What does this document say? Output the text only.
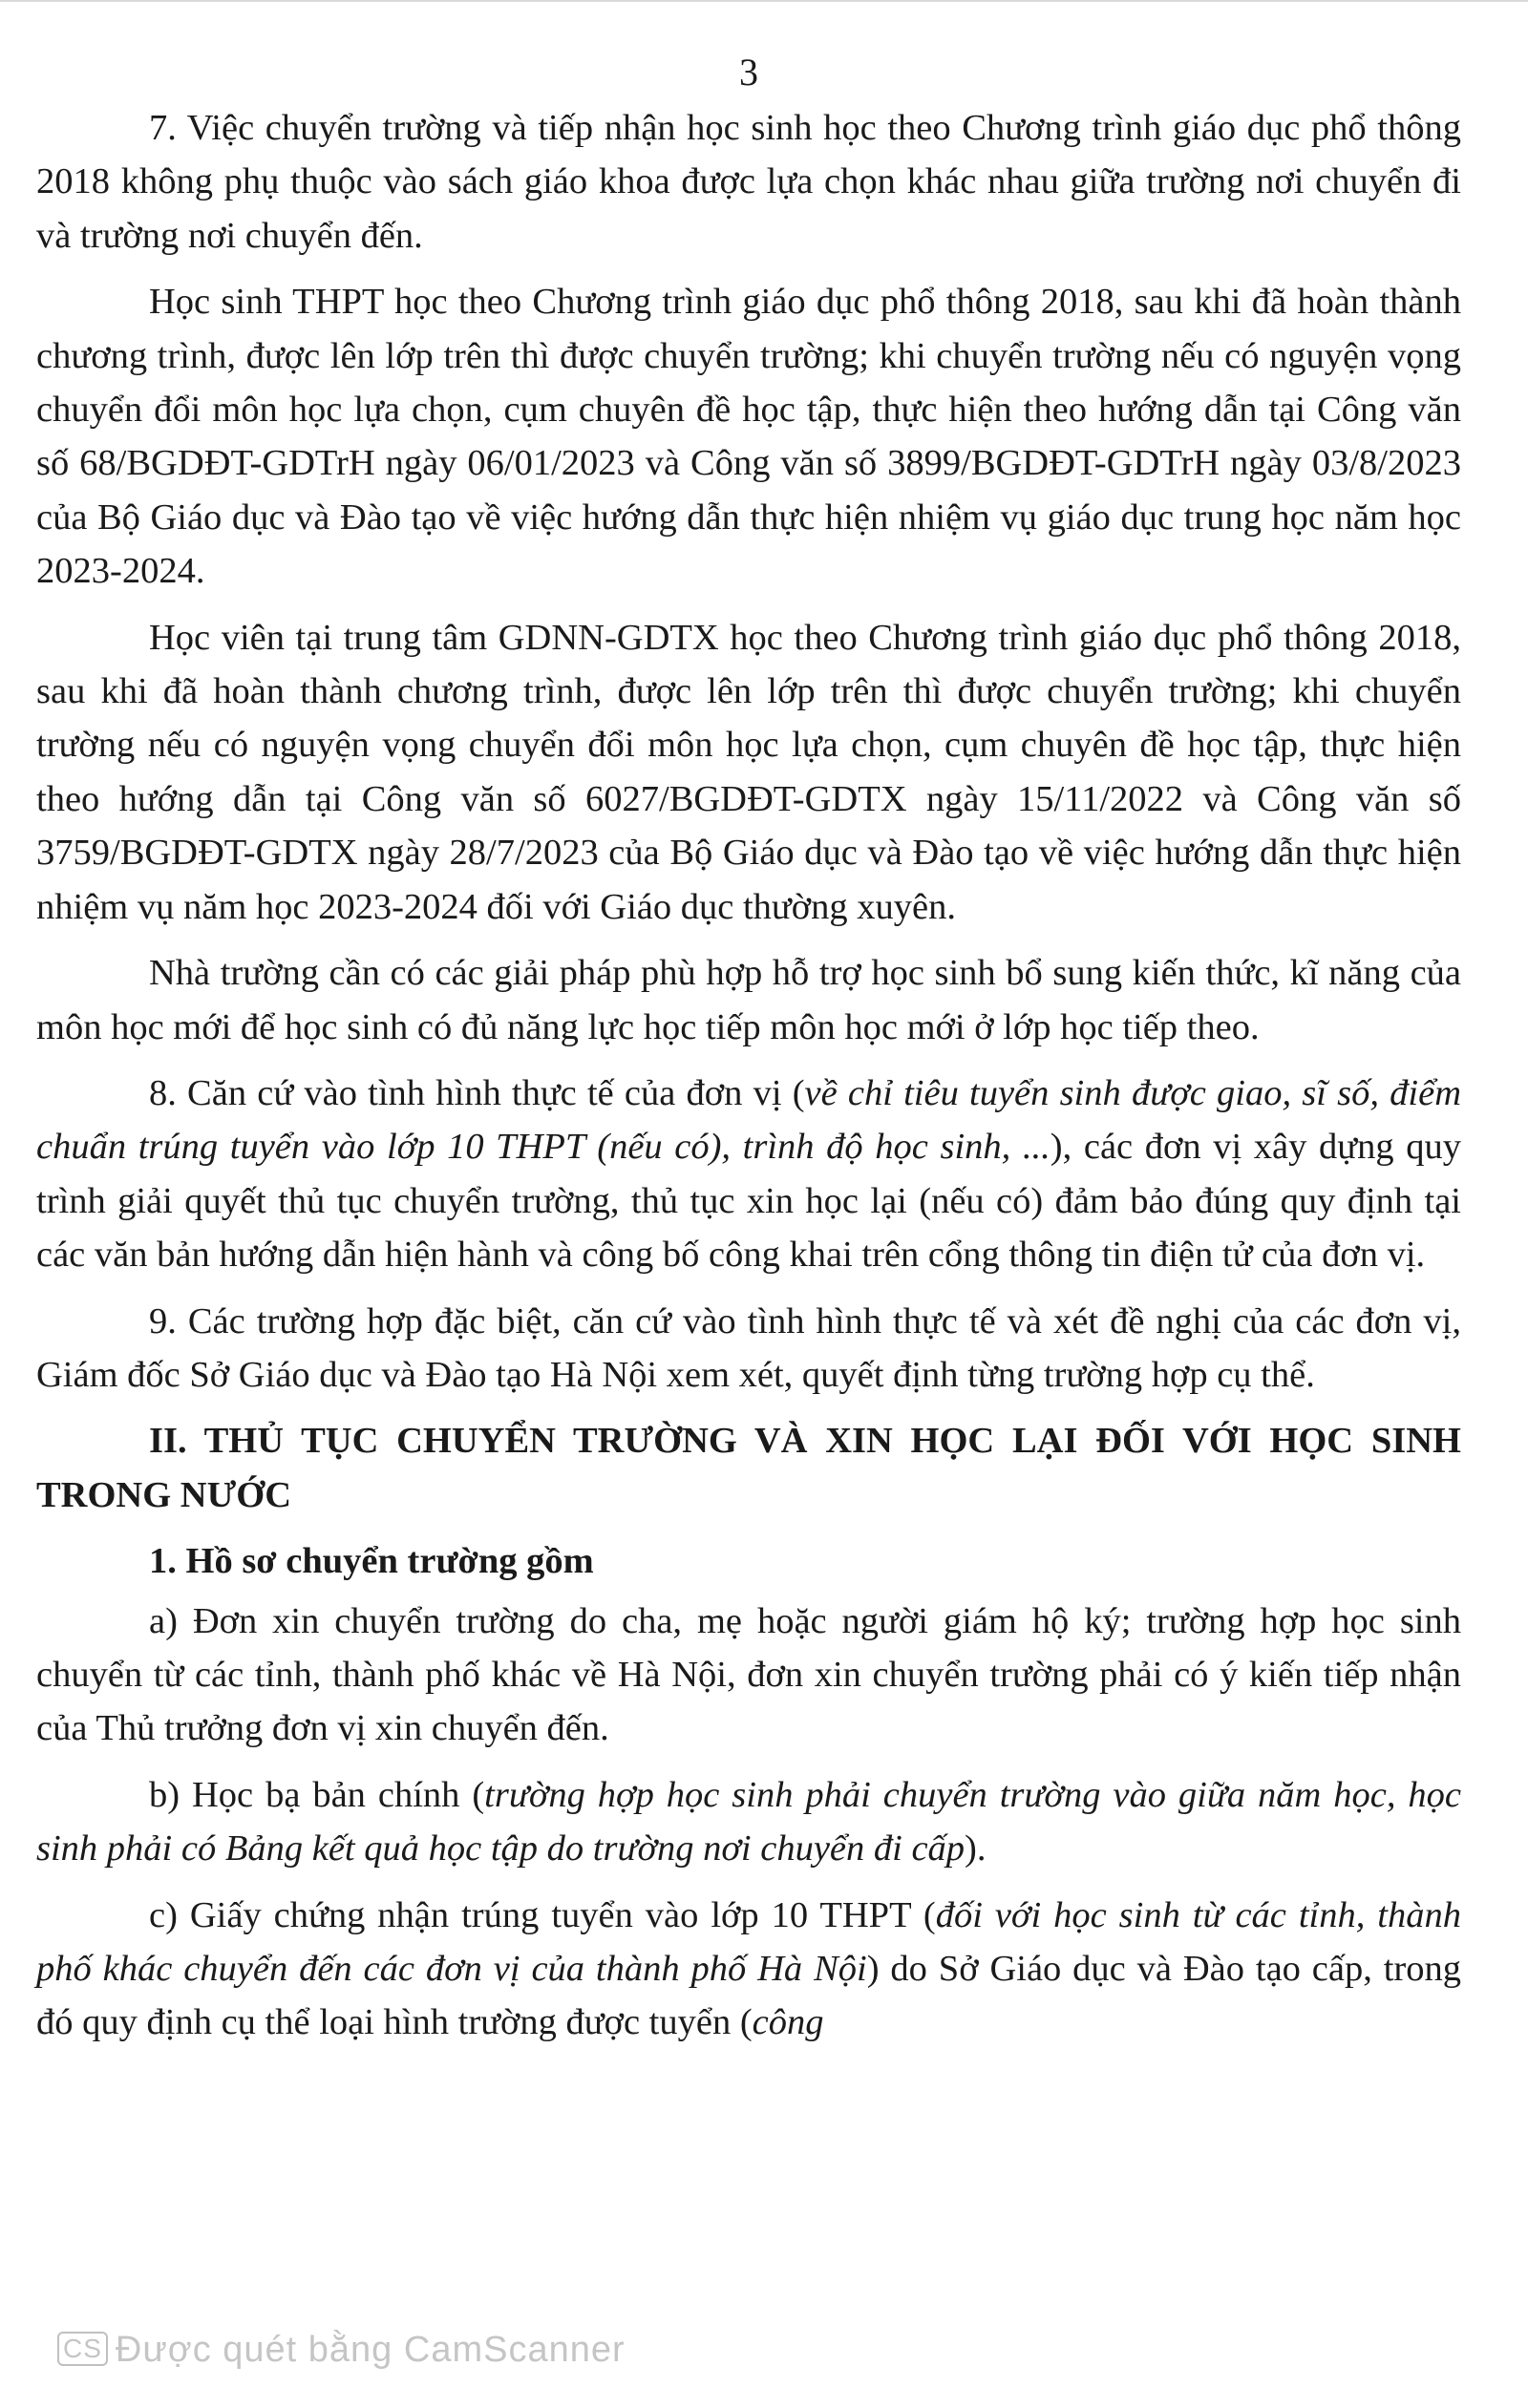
3

7. Việc chuyển trường và tiếp nhận học sinh học theo Chương trình giáo dục phổ thông 2018 không phụ thuộc vào sách giáo khoa được lựa chọn khác nhau giữa trường nơi chuyển đi và trường nơi chuyển đến.

Học sinh THPT học theo Chương trình giáo dục phổ thông 2018, sau khi đã hoàn thành chương trình, được lên lớp trên thì được chuyển trường; khi chuyển trường nếu có nguyện vọng chuyển đổi môn học lựa chọn, cụm chuyên đề học tập, thực hiện theo hướng dẫn tại Công văn số 68/BGDĐT-GDTrH ngày 06/01/2023 và Công văn số 3899/BGDĐT-GDTrH ngày 03/8/2023 của Bộ Giáo dục và Đào tạo về việc hướng dẫn thực hiện nhiệm vụ giáo dục trung học năm học 2023-2024.

Học viên tại trung tâm GDNN-GDTX học theo Chương trình giáo dục phổ thông 2018, sau khi đã hoàn thành chương trình, được lên lớp trên thì được chuyển trường; khi chuyển trường nếu có nguyện vọng chuyển đổi môn học lựa chọn, cụm chuyên đề học tập, thực hiện theo hướng dẫn tại Công văn số 6027/BGDĐT-GDTX ngày 15/11/2022 và Công văn số 3759/BGDĐT-GDTX ngày 28/7/2023 của Bộ Giáo dục và Đào tạo về việc hướng dẫn thực hiện nhiệm vụ năm học 2023-2024 đối với Giáo dục thường xuyên.

Nhà trường cần có các giải pháp phù hợp hỗ trợ học sinh bổ sung kiến thức, kĩ năng của môn học mới để học sinh có đủ năng lực học tiếp môn học mới ở lớp học tiếp theo.

8. Căn cứ vào tình hình thực tế của đơn vị (về chỉ tiêu tuyển sinh được giao, sĩ số, điểm chuẩn trúng tuyển vào lớp 10 THPT (nếu có), trình độ học sinh, ...), các đơn vị xây dựng quy trình giải quyết thủ tục chuyển trường, thủ tục xin học lại (nếu có) đảm bảo đúng quy định tại các văn bản hướng dẫn hiện hành và công bố công khai trên cổng thông tin điện tử của đơn vị.

9. Các trường hợp đặc biệt, căn cứ vào tình hình thực tế và xét đề nghị của các đơn vị, Giám đốc Sở Giáo dục và Đào tạo Hà Nội xem xét, quyết định từng trường hợp cụ thể.

II. THỦ TỤC CHUYỂN TRƯỜNG VÀ XIN HỌC LẠI ĐỐI VỚI HỌC SINH TRONG NƯỚC

1. Hồ sơ chuyển trường gồm

a) Đơn xin chuyển trường do cha, mẹ hoặc người giám hộ ký; trường hợp học sinh chuyển từ các tỉnh, thành phố khác về Hà Nội, đơn xin chuyển trường phải có ý kiến tiếp nhận của Thủ trưởng đơn vị xin chuyển đến.

b) Học bạ bản chính (trường hợp học sinh phải chuyển trường vào giữa năm học, học sinh phải có Bảng kết quả học tập do trường nơi chuyển đi cấp).

c) Giấy chứng nhận trúng tuyển vào lớp 10 THPT (đối với học sinh từ các tỉnh, thành phố khác chuyển đến các đơn vị của thành phố Hà Nội) do Sở Giáo dục và Đào tạo cấp, trong đó quy định cụ thể loại hình trường được tuyển (công

CS Được quét bằng CamScanner
